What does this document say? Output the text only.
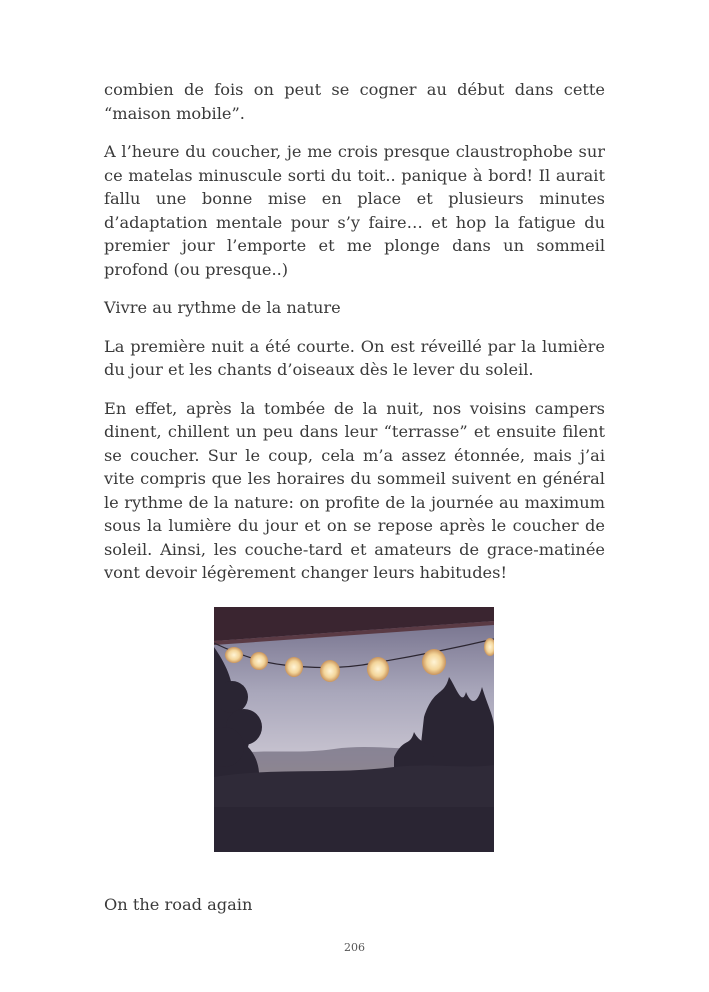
combien de fois on peut se cogner au début dans cette “maison mobile”.

A l’heure du coucher, je me crois presque claustrophobe sur ce matelas minuscule sorti du toit.. panique à bord! Il aurait fallu une bonne mise en place et plusieurs minutes d’adaptation mentale pour s’y faire… et hop la fatigue du premier jour l’emporte et me plonge dans un sommeil profond (ou presque..)

Vivre au rythme de la nature

La première nuit a été courte. On est réveillé par la lumière du jour et les chants d’oiseaux dès le lever du soleil.

En effet, après la tombée de la nuit, nos voisins campers dinent, chillent un peu dans leur “terrasse” et ensuite filent se coucher. Sur le coup, cela m’a assez étonnée, mais j’ai vite compris que les horaires du sommeil suivent en général le rythme de la nature: on profite de la journée au maximum sous la lumière du jour et on se repose après le coucher de soleil. Ainsi, les couche-tard et amateurs de grace-matinée vont devoir légèrement changer leurs habitudes!

On the road again

206
